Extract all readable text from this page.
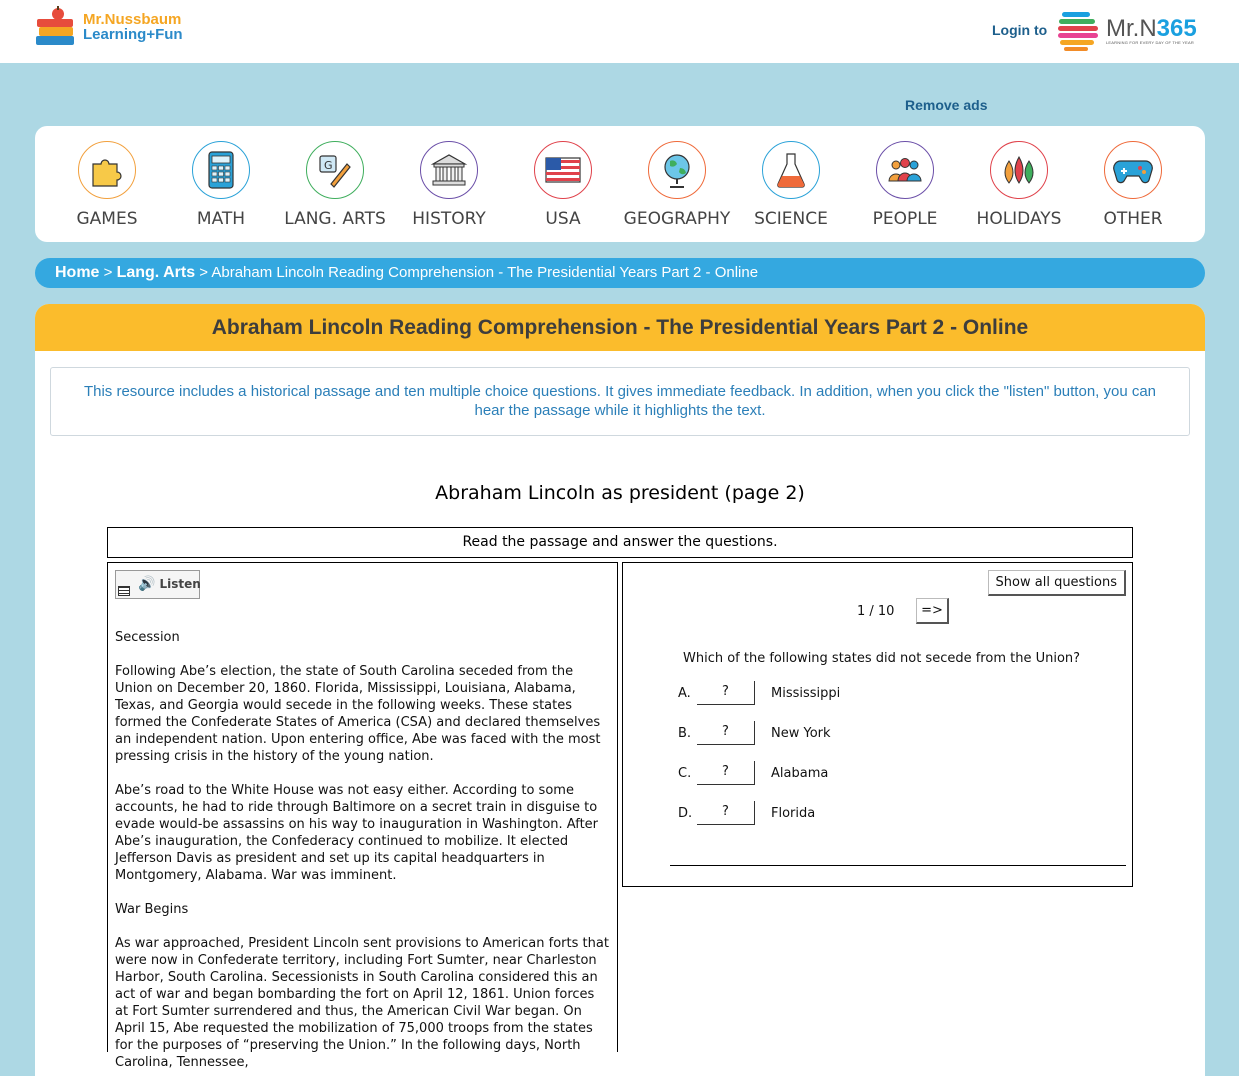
Mr.Nussbaum
Learning+Fun	Login to Mr.N365
LEARNING FOR EVERY DAY OF THE YEAR
Remove ads
GAMES	MATH
G
LANG. ARTS	HISTORY	USA	GEOGRAPHY	SCIENCE	PEOPLE	HOLIDAYS	OTHER
Home > Lang. Arts > Abraham Lincoln Reading Comprehension - The Presidential Years Part 2 - Online
Abraham Lincoln Reading Comprehension - The Presidential Years Part 2 - Online
This resource includes a historical passage and ten multiple choice questions. It gives immediate feedback. In addition, when you click the "listen" button, you can hear the passage while it highlights the text.
Abraham Lincoln as president (page 2)
Read the passage and answer the questions.
🔊 Listen
Secession
Following Abe’s election, the state of South Carolina seceded from the Union on December 20, 1860. Florida, Mississippi, Louisiana, Alabama, Texas, and Georgia would secede in the following weeks. These states formed the Confederate States of America (CSA) and declared themselves an independent nation. Upon entering office, Abe was faced with the most pressing crisis in the history of the young nation.
Abe’s road to the White House was not easy either. According to some accounts, he had to ride through Baltimore on a secret train in disguise to evade would-be assassins on his way to inauguration in Washington. After Abe’s inauguration, the Confederacy continued to mobilize. It elected Jefferson Davis as president and set up its capital headquarters in Montgomery, Alabama. War was imminent.
War Begins
As war approached, President Lincoln sent provisions to American forts that were now in Confederate territory, including Fort Sumter, near Charleston Harbor, South Carolina. Secessionists in South Carolina considered this an act of war and began bombarding the fort on April 12, 1861. Union forces at Fort Sumter surrendered and thus, the American Civil War began. On April 15, Abe requested the mobilization of 75,000 troops from the states for the purposes of “preserving the Union.” In the following days, North Carolina, Tennessee,
Show all questions
1 / 10	=>
Which of the following states did not secede from the Union?
A.	?	Mississippi
B.	?	New York
C.	?	Alabama
D.	?	Florida
